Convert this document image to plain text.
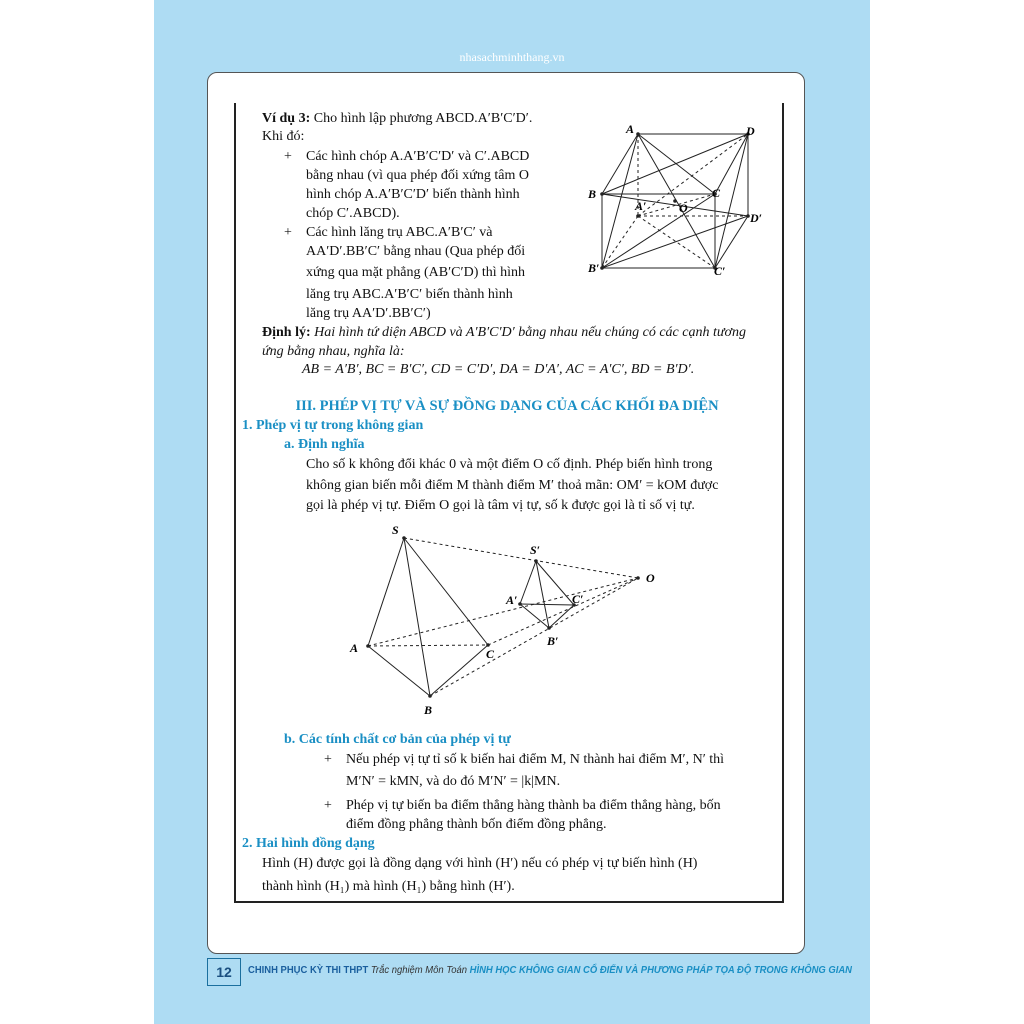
nhasachminhthang.vn
Ví dụ 3: Cho hình lập phương ABCD.A′B′C′D′.
Khi đó:
+ Các hình chóp A.A′B′C′D′ và C′.ABCD
bằng nhau (vì qua phép đối xứng tâm O
hình chóp A.A′B′C′D′ biến thành hình
chóp C′.ABCD).
+ Các hình lăng trụ ABC.A′B′C′ và
AA′D′.BB′C′ bằng nhau (Qua phép đối
xứng qua mặt phẳng (AB′C′D) thì hình
lăng trụ ABC.A′B′C′ biến thành hình
lăng trụ AA′D′.BB′C′)
A	D
B	C
A′	O
D′
B′	C′
Định lý: Hai hình tứ diện ABCD và A′B′C′D′ bằng nhau nếu chúng có các cạnh tương
ứng bằng nhau, nghĩa là:
AB = A′B′, BC = B′C′, CD = C′D′, DA = D′A′, AC = A′C′, BD = B′D′.
III. PHÉP VỊ TỰ VÀ SỰ ĐỒNG DẠNG CỦA CÁC KHỐI ĐA DIỆN
1. Phép vị tự trong không gian
a. Định nghĩa
Cho số k không đổi khác 0 và một điểm O cố định. Phép biến hình trong
không gian biến mỗi điểm M thành điểm M′ thoả mãn: OM′ = kOM được
gọi là phép vị tự. Điểm O gọi là tâm vị tự, số k được gọi là tỉ số vị tự.
S
A
B
C
S′
A′
B′
C′
O
b. Các tính chất cơ bản của phép vị tự
+ Nếu phép vị tự tỉ số k biến hai điểm M, N thành hai điểm M′, N′ thì
M′N′ = kMN, và do đó M′N′ = |k|MN.
+ Phép vị tự biến ba điểm thẳng hàng thành ba điểm thẳng hàng, bốn
điểm đồng phẳng thành bốn điểm đồng phẳng.
2. Hai hình đồng dạng
Hình (H) được gọi là đồng dạng với hình (H′) nếu có phép vị tự biến hình (H)
thành hình (H₁) mà hình (H₁) bằng hình (H′).
12	CHINH PHỤC KỲ THI THPT Trắc nghiệm Môn Toán HÌNH HỌC KHÔNG GIAN CỔ ĐIỂN VÀ PHƯƠNG PHÁP TỌA ĐỘ TRONG KHÔNG GIAN
